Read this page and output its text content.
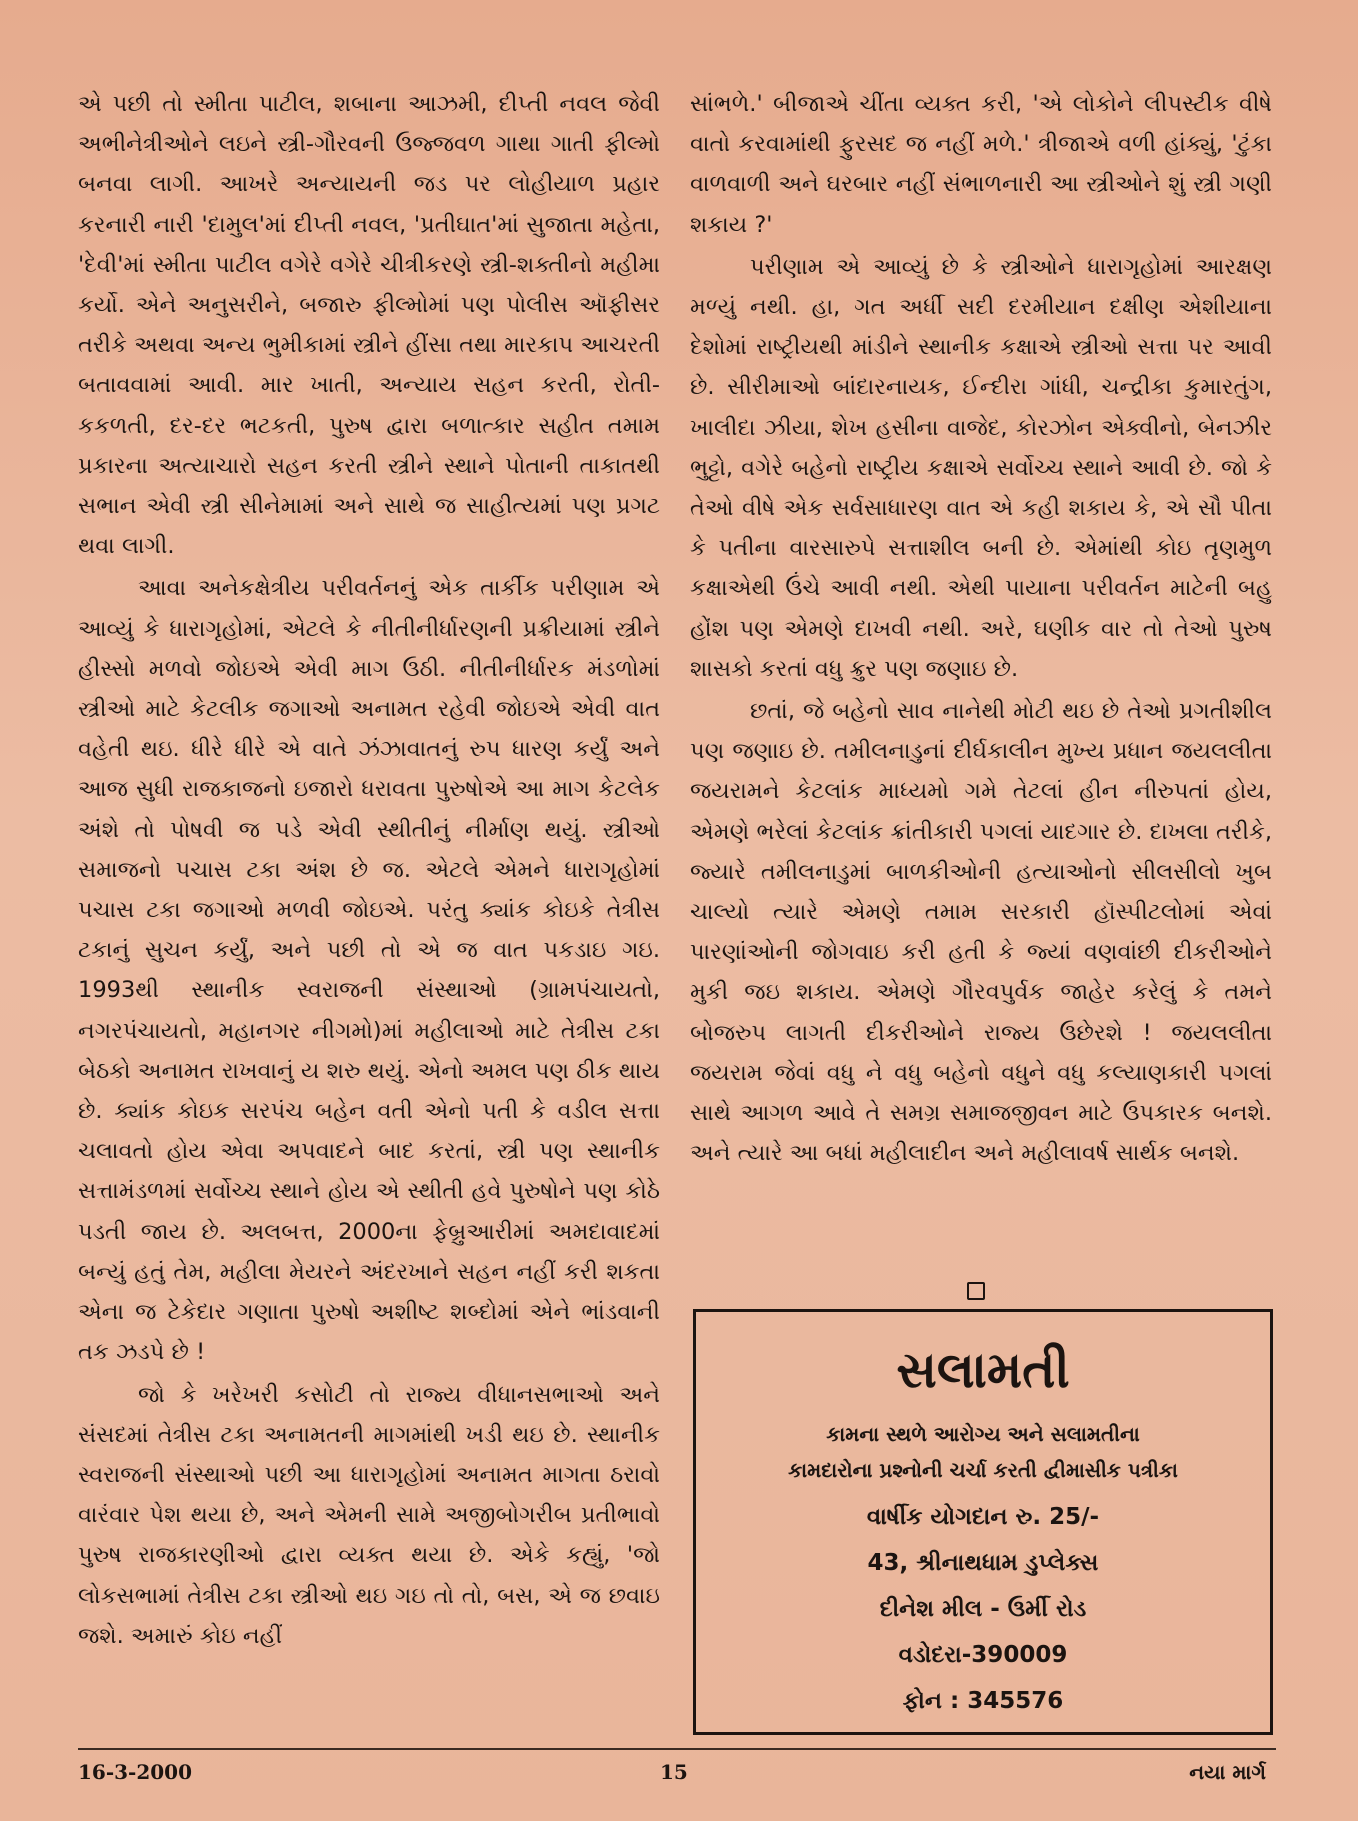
એ પછી તો સ્મીતા પાટીલ, શબાના આઝમી, દીપ્તી નવલ જેવી અભીનેત્રીઓને લઇને સ્ત્રી-ગૌરવની ઉજ્જવળ ગાથા ગાતી ફીલ્મો બનવા લાગી. આખરે અન્યાયની જડ પર લોહીયાળ પ્રહાર કરનારી નારી 'દામુલ'માં દીપ્તી નવલ, 'પ્રતીઘાત'માં સુજાતા મહેતા, 'દેવી'માં સ્મીતા પાટીલ વગેરે વગેરે ચીત્રીકરણે સ્ત્રી-શક્તીનો મહીમા કર્યો. એને અનુસરીને, બજારુ ફીલ્મોમાં પણ પોલીસ ઑફીસર તરીકે અથવા અન્ય ભુમીકામાં સ્ત્રીને હીંસા તથા મારકાપ આચરતી બતાવવામાં આવી. માર ખાતી, અન્યાય સહન કરતી, રોતી-કકળતી, દર-દર ભટકતી, પુરુષ દ્વારા બળાત્કાર સહીત તમામ પ્રકારના અત્યાચારો સહન કરતી સ્ત્રીને સ્થાને પોતાની તાકાતથી સભાન એવી સ્ત્રી સીનેમામાં અને સાથે જ સાહીત્યમાં પણ પ્રગટ થવા લાગી.

આવા અનેકક્ષેત્રીય પરીવર્તનનું એક તાર્કીક પરીણામ એ આવ્યું કે ધારાગૃહોમાં, એટલે કે નીતીનીર્ધારણની પ્રક્રીયામાં સ્ત્રીને હીસ્સો મળવો જોઇએ એવી માગ ઉઠી. નીતીનીર્ધારક મંડળોમાં સ્ત્રીઓ માટે કેટલીક જગાઓ અનામત રહેવી જોઇએ એવી વાત વહેતી થઇ. ધીરે ધીરે એ વાતે ઝંઝાવાતનું રુપ ધારણ કર્યું અને આજ સુધી રાજકાજનો ઇજારો ધરાવતા પુરુષોએ આ માગ કેટલેક અંશે તો પોષવી જ પડે એવી સ્થીતીનું નીર્માણ થયું. સ્ત્રીઓ સમાજનો પચાસ ટકા અંશ છે જ. એટલે એમને ધારાગૃહોમાં પચાસ ટકા જગાઓ મળવી જોઇએ. પરંતુ ક્યાંક કોઇકે તેત્રીસ ટકાનું સુચન કર્યું, અને પછી તો એ જ વાત પકડાઇ ગઇ. 1993થી સ્થાનીક સ્વરાજની સંસ્થાઓ (ગ્રામપંચાયતો, નગરપંચાયતો, મહાનગર નીગમો)માં મહીલાઓ માટે તેત્રીસ ટકા બેઠકો અનામત રાખવાનું ય શરુ થયું. એનો અમલ પણ ઠીક થાય છે. ક્યાંક કોઇક સરપંચ બહેન વતી એનો પતી કે વડીલ સત્તા ચલાવતો હોય એવા અપવાદને બાદ કરતાં, સ્ત્રી પણ સ્થાનીક સત્તામંડળમાં સર્વોચ્ચ સ્થાને હોય એ સ્થીતી હવે પુરુષોને પણ કોઠે પડતી જાય છે. અલબત્ત, 2000ના ફેબ્રુઆરીમાં અમદાવાદમાં બન્યું હતું તેમ, મહીલા મેયરને અંદરખાને સહન નહીં કરી શકતા એના જ ટેકેદાર ગણાતા પુરુષો અશીષ્ટ શબ્દોમાં એને ભાંડવાની તક ઝડપે છે !

જો કે ખરેખરી કસોટી તો રાજ્ય વીધાનસભાઓ અને સંસદમાં તેત્રીસ ટકા અનામતની માગમાંથી ખડી થઇ છે. સ્થાનીક સ્વરાજની સંસ્થાઓ પછી આ ધારાગૃહોમાં અનામત માગતા ઠરાવો વારંવાર પેશ થયા છે, અને એમની સામે અજીબોગરીબ પ્રતીભાવો પુરુષ રાજકારણીઓ દ્વારા વ્યક્ત થયા છે. એકે કહ્યું, 'જો લોકસભામાં તેત્રીસ ટકા સ્ત્રીઓ થઇ ગઇ તો તો, બસ, એ જ છવાઇ જશે. અમારું કોઇ નહીં

સાંભળે.' બીજાએ ચીંતા વ્યક્ત કરી, 'એ લોકોને લીપસ્ટીક વીષે વાતો કરવામાંથી ફુરસદ જ નહીં મળે.' ત્રીજાએ વળી હાંક્યું, 'ટુંકા વાળવાળી અને ઘરબાર નહીં સંભાળનારી આ સ્ત્રીઓને શું સ્ત્રી ગણી શકાય ?'

પરીણામ એ આવ્યું છે કે સ્ત્રીઓને ધારાગૃહોમાં આરક્ષણ મળ્યું નથી. હા, ગત અર્ધી સદી દરમીયાન દક્ષીણ એશીયાના દેશોમાં રાષ્ટ્રીયથી માંડીને સ્થાનીક કક્ષાએ સ્ત્રીઓ સત્તા પર આવી છે. સીરીમાઓ બાંદારનાયક, ઈન્દીરા ગાંધી, ચન્દ્રીકા કુમારતુંગ, ખાલીદા ઝીયા, શેખ હસીના વાજેદ, કોરઝોન એક્વીનો, બેનઝીર ભુટ્ટો, વગેરે બહેનો રાષ્ટ્રીય કક્ષાએ સર્વોચ્ચ સ્થાને આવી છે. જો કે તેઓ વીષે એક સર્વસાધારણ વાત એ કહી શકાય કે, એ સૌ પીતા કે પતીના વારસારુપે સત્તાશીલ બની છે. એમાંથી કોઇ તૃણમુળ કક્ષાએથી ઉંચે આવી નથી. એથી પાયાના પરીવર્તન માટેની બહુ હોંશ પણ એમણે દાખવી નથી. અરે, ઘણીક વાર તો તેઓ પુરુષ શાસકો કરતાં વધુ ક્રુર પણ જણાઇ છે.

છતાં, જે બહેનો સાવ નાનેથી મોટી થઇ છે તેઓ પ્રગતીશીલ પણ જણાઇ છે. તમીલનાડુનાં દીર્ઘકાલીન મુખ્ય પ્રધાન જયલલીતા જયરામને કેટલાંક માધ્યમો ગમે તેટલાં હીન નીરુપતાં હોય, એમણે ભરેલાં કેટલાંક ક્રાંતીકારી પગલાં યાદગાર છે. દાખલા તરીકે, જ્યારે તમીલનાડુમાં બાળકીઓની હત્યાઓનો સીલસીલો ખુબ ચાલ્યો ત્યારે એમણે તમામ સરકારી હૉસ્પીટલોમાં એવાં પારણાંઓની જોગવાઇ કરી હતી કે જ્યાં વણવાંછી દીકરીઓને મુકી જઇ શકાય. એમણે ગૌરવપુર્વક જાહેર કરેલું કે તમને બોજરુપ લાગતી દીકરીઓને રાજ્ય ઉછેરશે ! જયલલીતા જયરામ જેવાં વધુ ને વધુ બહેનો વધુને વધુ કલ્યાણકારી પગલાં સાથે આગળ આવે તે સમગ્ર સમાજજીવન માટે ઉપકારક બનશે. અને ત્યારે આ બધાં મહીલાદીન અને મહીલાવર્ષ સાર્થક બનશે.

સલામતી
કામના સ્થળે આરોગ્ય અને સલામતીના
કામદારોના પ્રશ્નોની ચર્ચા કરતી દ્વીમાસીક પત્રીકા
વાર્ષીક યોગદાન રુ. 25/-
43, શ્રીનાથધામ ડુપ્લેક્સ
દીનેશ મીલ - ઉર્મી રોડ
વડોદરા-390009
ફોન : 345576
16-3-2000	15	નયા માર્ગ
